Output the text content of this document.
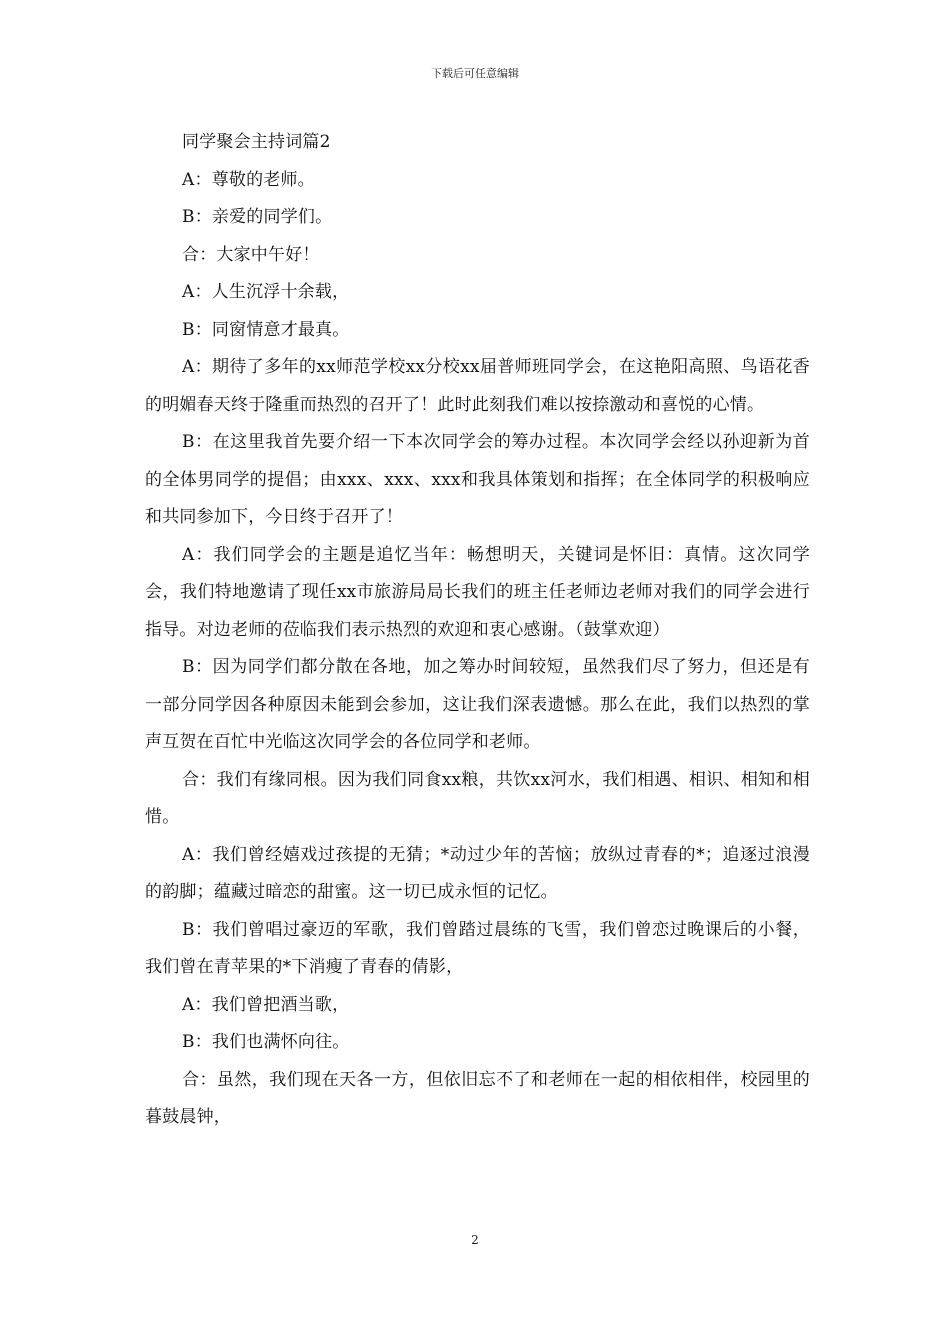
下载后可任意编辑

同学聚会主持词篇2

A：尊敬的老师。

B：亲爱的同学们。

合：大家中午好！

A：人生沉浮十余载，

B：同窗情意才最真。

A：期待了多年的xx师范学校xx分校xx届普师班同学会，在这艳阳高照、鸟语花香的明媚春天终于隆重而热烈的召开了！此时此刻我们难以按捺激动和喜悦的心情。

B：在这里我首先要介绍一下本次同学会的筹办过程。本次同学会经以孙迎新为首的全体男同学的提倡；由xxx、xxx、xxx和我具体策划和指挥；在全体同学的积极响应和共同参加下，今日终于召开了！

A：我们同学会的主题是追忆当年：畅想明天，关键词是怀旧：真情。这次同学会，我们特地邀请了现任xx市旅游局局长我们的班主任老师边老师对我们的同学会进行指导。对边老师的莅临我们表示热烈的欢迎和衷心感谢。（鼓掌欢迎）

B：因为同学们都分散在各地，加之筹办时间较短，虽然我们尽了努力，但还是有一部分同学因各种原因未能到会参加，这让我们深表遗憾。那么在此，我们以热烈的掌声互贺在百忙中光临这次同学会的各位同学和老师。

合：我们有缘同根。因为我们同食xx粮，共饮xx河水，我们相遇、相识、相知和相惜。

A：我们曾经嬉戏过孩提的无猜；*动过少年的苦恼；放纵过青春的*；追逐过浪漫的韵脚；蕴藏过暗恋的甜蜜。这一切已成永恒的记忆。

B：我们曾唱过豪迈的军歌，我们曾踏过晨练的飞雪，我们曾恋过晚课后的小餐，我们曾在青苹果的*下消瘦了青春的倩影，

A：我们曾把酒当歌，

B：我们也满怀向往。

合：虽然，我们现在天各一方，但依旧忘不了和老师在一起的相依相伴，校园里的暮鼓晨钟，

2
